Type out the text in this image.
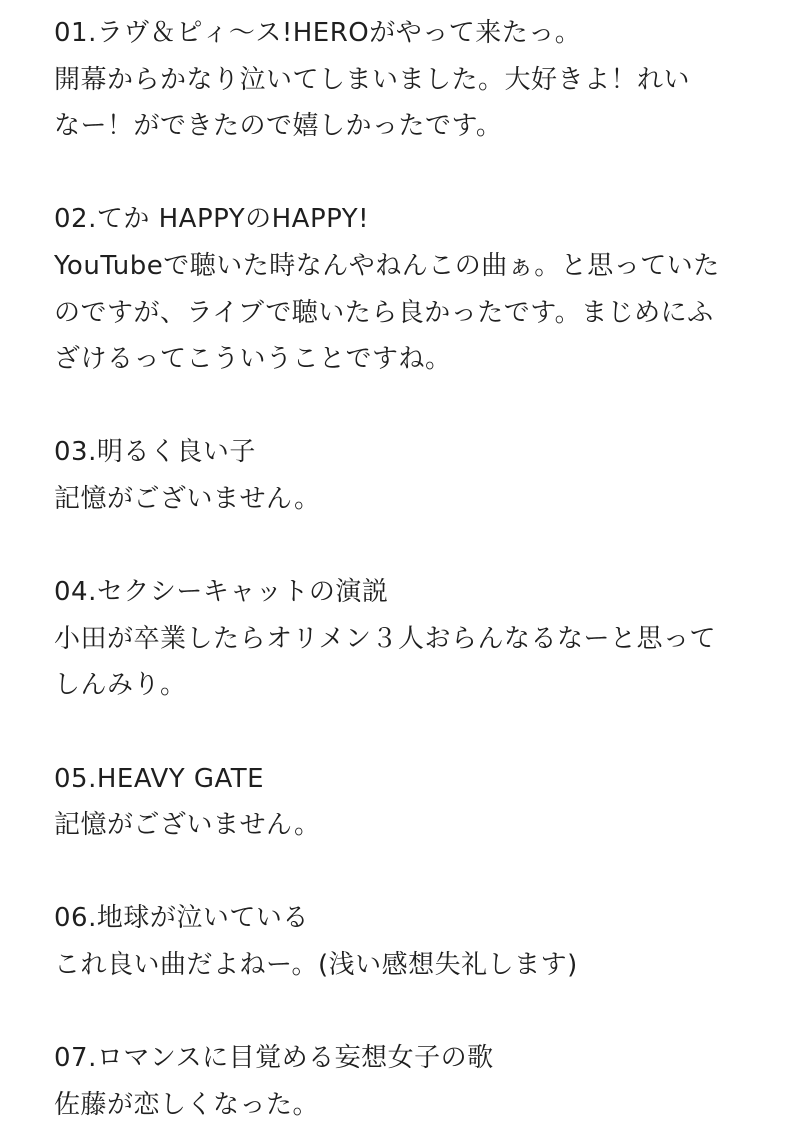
01.ラヴ＆ピィ〜ス!HEROがやって来たっ。
開幕からかなり泣いてしまいました。大好きよ！れい
なー！ができたので嬉しかったです。
02.てか HAPPYのHAPPY!
YouTubeで聴いた時なんやねんこの曲ぁ。と思っていた
のですが、ライブで聴いたら良かったです。まじめにふ
ざけるってこういうことですね。
03.明るく良い子
記憶がございません。
04.セクシーキャットの演説
小田が卒業したらオリメン３人おらんなるなーと思って
しんみり。
05.HEAVY GATE
記憶がございません。
06.地球が泣いている
これ良い曲だよねー。(浅い感想失礼します)
07.ロマンスに目覚める妄想女子の歌
佐藤が恋しくなった。
